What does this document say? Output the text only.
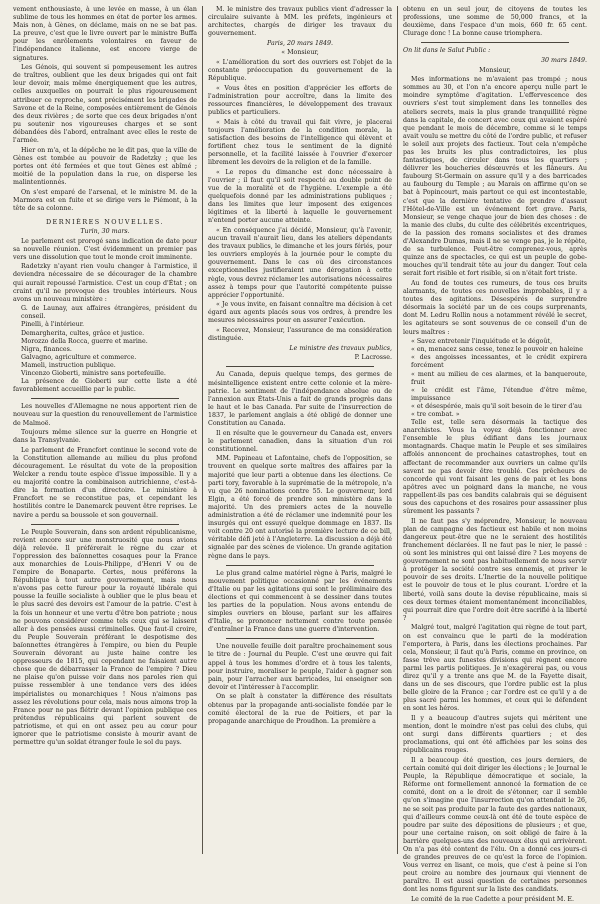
vement enthousiaste, à une levée en masse, à un élan sublime de tous les hommes en état de porter les armes. Mais non, à Gènes, on déclame, mais on ne se bat pas. La preuve, c'est que le livre ouvert par le ministre Buffa pour les enrôlements volontaires en faveur de l'indépendance italienne, est encore vierge de signatures.

Les Génois, qui souvent si pompeusement les autres de traîtres, oublient que les deux brigades qui ont fait leur devoir, mais même énergiquement que les autres, celles auxquelles on pourrait le plus rigoureusement attribuer ce reproche, sont précisément les brigades de Savone et de la Reine, composées entièrement de Génois des deux rivières ; de sorte que ces deux brigades n'ont pu soutenir nos vigoureuses charges et se sont débandées dès l'abord, entraînant avec elles le reste de l'armée.

Hier on m'a, et la dépêche ne le dit pas, que la ville de Gènes est tombée au pouvoir de Radetzky ; que les portes ont été fermées et que tout Gènes est abîmé ; moitié de la population dans la rue, on disperse les malintentionnés.

On s'est emparé de l'arsenal, et le ministre M. de la Marmora est en fuite et se dirige vers le Piémont, à la tête de sa colonne.

DERNIÈRES NOUVELLES.

Turin, 30 mars.

Le parlement est prorogé sans indication de date pour sa nouvelle réunion. C'est évidemment un premier pas vers une dissolution que tout le monde croit imminente.

Radetzky n'ayant rien voulu changer à l'armistice, il deviendra nécessaire de se décourager de la chambre qui aurait repoussé l'armistice. C'est un coup d'État ; on craint qu'il ne provoque des troubles intérieurs. Nous avons un nouveau ministère :

G. de Launay, aux affaires étrangères, président du conseil.

Pinelli, à l'intérieur.

Demargherita, cultes, grâce et justice.

Morozzo della Rocca, guerre et marine.

Nigra, finances.

Galvagno, agriculture et commerce.

Mameli, instruction publique.

Vincenzo Gioberti, ministre sans portefeuille.

La présence de Gioberti sur cette liste a été favorablement accueillie par le public.

Les nouvelles d'Allemagne ne nous apportent rien de nouveau sur la question du renouvellement de l'armistice de Malmoë.

Toujours même silence sur la guerre en Hongrie et dans la Transylvanie.

Le parlement de Francfort continue le second vote de la Constitution allemande au milieu du plus profond découragement. Le résultat du vote de la proposition Welcker a rendu toute espèce d'issue impossible. Il y a eu majorité contre la combinaison autrichienne, c'est-à-dire la formation d'un directoire. Le ministère à Francfort ne se reconstitue pas, et cependant les hostilités contre le Danemarck peuvent être reprises. Le navire a perdu sa boussole et son gouvernail.

Le Peuple Souverain, dans son ardent républicanisme, revient encore sur une monstruosité que nous avions déjà relevée. Il préférerait le règne du czar et l'oppression des baïonnettes cosaques pour la France aux monarchies de Louis-Philippe, d'Henri V ou de l'empire de Bonaparte. Certes, nous préférons la République à tout autre gouvernement, mais nous n'avons pas cette fureur pour la royauté libérale qui pousse la feuille socialiste à oublier que le plus beau et le plus sacré des devoirs est l'amour de la patrie. C'est à la fois un honneur et une vertu d'être bon patriote ; nous ne pouvons considérer comme tels ceux qui se laissent aller à des pensées aussi criminelles. Que faut-il croire, du Peuple Souverain préférant le despotisme des baïonnettes étrangères à l'empire, ou bien du Peuple Souverain dévorant au juste haine contre les oppresseurs de 1815, qui cependant ne faisaient autre chose que de débarrasser la France de l'empire ? Dieu ne plaise qu'on puisse voir dans nos paroles rien qui puisse ressembler à une tendance vers des idées impérialistes ou monarchiques ! Nous n'aimons pas assez les révolutions pour cela, mais nous aimons trop la France pour ne pas flétrir devant l'opinion publique ces prétendus républicains qui parlent souvent de patriotisme, et qui en ont assez peu au cœur pour ignorer que le patriotisme consiste à mourir avant de permettre qu'un soldat étranger foule le sol du pays.

M. le ministre des travaux publics vient d'adresser la circulaire suivante à MM. les préfets, ingénieurs et architectes, chargés de diriger les travaux du gouvernement.

Paris, 20 mars 1849.

« Monsieur,

« L'amélioration du sort des ouvriers est l'objet de la constante préoccupation du gouvernement de la République.

« Vous êtes en position d'apprécier les efforts de l'administration pour accroître, dans la limite des ressources financières, le développement des travaux publics et particuliers.

« Mais à côté du travail qui fait vivre, je placerai toujours l'amélioration de la condition morale, la satisfaction des besoins de l'intelligence qui élèvent et fortifient chez tous le sentiment de la dignité personnelle, et la facilité laissée à l'ouvrier d'exercer librement les devoirs de la religion et de la famille.

« Le repos du dimanche est donc nécessaire à l'ouvrier ; il faut qu'il soit respecté au double point de vue de la moralité et de l'hygiène. L'exemple a été quelquefois donné par les administrations publiques ; dans les limites que leur imposent des exigences légitimes et la liberté à laquelle le gouvernement n'entend porter aucune atteinte.

« En conséquence j'ai décidé, Monsieur, qu'à l'avenir, aucun travail n'aurait lieu, dans les ateliers dépendants des travaux publics, le dimanche et les jours fériés, pour les ouvriers employés à la journée pour le compte du gouvernement. Dans le cas où des circonstances exceptionnelles justifieraient une dérogation à cette règle, vous devrez réclamer les autorisations nécessaires assez à temps pour que l'autorité compétente puisse apprécier l'opportunité.

« Je vous invite, en faisant connaître ma décision à cet égard aux agents placés sous vos ordres, à prendre les mesures nécessaires pour en assurer l'exécution.

« Recevez, Monsieur, l'assurance de ma considération distinguée.

Le ministre des travaux publics,

P. Lacrosse.

Au Canada, depuis quelque temps, des germes de mésintelligence existent entre cette colonie et la mère-patrie. Le sentiment de l'indépendance absolue ou de l'annexion aux États-Unis a fait de grands progrès dans le haut et le bas Canada. Par suite de l'insurrection de 1837, le parlement anglais a été obligé de donner une Constitution au Canada.

Il en résulte que le gouverneur du Canada est, envers le parlement canadien, dans la situation d'un roi constitutionnel.

MM. Papineau et Lafontaine, chefs de l'opposition, se trouvent en quelque sorte maîtres des affaires par la majorité que leur parti a obtenue dans les élections. Ce parti tory, favorable à la suprématie de la métropole, n'a vu que 26 nominations contre 55. Le gouverneur, lord Elgin, a été forcé de prendre son ministère dans la majorité. Un des premiers actes de la nouvelle administration a été de réclamer une indemnité pour les insurgés qui ont essuyé quelque dommage en 1837. Ils voit contre 20 ont autorisé la première lecture de ce bill, véritable défi jeté à l'Angleterre. La discussion a déjà été signalée par des scènes de violence. Un grande agitation règne dans le pays.

Le plus grand calme matériel règne à Paris, malgré le mouvement politique occasionné par les événements d'Italie ou par les agitations qui sont le préliminaire des élections et qui commencent à se dessiner dans toutes les parties de la population. Nous avons entendu de simples ouvriers en blouse, parlant sur les affaires d'Italie, se prononcer nettement contre toute pensée d'entraîner la France dans une guerre d'intervention.

Une nouvelle feuille doit paraître prochainement sous le titre de : Journal du Peuple. C'est une œuvre qui fait appel à tous les hommes d'ordre et à tous les talents, pour instruire, moraliser le peuple, l'aider à gagner son pain, pour l'arracher aux barricades, lui enseigner son devoir et l'intéresser à l'accomplir.

On se plaît à constater la différence des résultats obtenus par la propagande anti-socialiste fondée par le comité électoral de la rue de Poitiers, et par la propagande anarchique de Proudhon. La première a

obtenu en un seul jour, de citoyens de toutes les professions, une somme de 50,000 francs, et la deuxième, dans l'espace d'un mois, 660 fr. 65 cent. Clurage donc ! La bonne cause triomphera.

On lit dans le Salut Public :

30 mars 1849.

Monsieur,

Mes informations ne m'avaient pas trompé ; nous sommes au 30, et l'on n'a encore aperçu nulle part le moindre symptôme d'agitation. L'effervescence des ouvriers s'est tout simplement dans les tonnelles des ateliers secrets, mais la plus grande tranquillité règne dans la capitale, de concert avec ceux qui avaient espéré que pendant le mois de décembre, comme si le temps avait voulu se mettre du côté de l'ordre public, et refuser le soleil aux projets des factieux. Tout cela n'empêche pas les bruits les plus contradictoires, les plus fantastiques, de circuler dans tous les quartiers ; délivrer les boucheries désœuvrés et les flâneurs. Au faubourg St-Germain on assure qu'il y a des barricades au faubourg du Temple ; au Marais on affirme qu'on se bat à Popincourt, mais partout ce qui est incontestable, c'est que la dernière tentative de prendre d'assaut l'Hôtel-de-Ville est un événement fort grave. Paris, Monsieur, se venge chaque jour de bien des choses : de la manie des clubs, du culte des célébrités excentriques, de la passion des romans socialistes et des drames d'Alexandre Dumas, mais il ne se venge pas, je le répète, de sa turbulence. Peut-être comprenez-vous, après quinze ans de spectacles, ce qui est un peuple de gobe-mouches qu'il tendrait tête au jour du danger. Tout cela serait fort risible et fort risible, si on n'était fort triste.

Au fond de toutes ces rumeurs, de tous ces bruits alarmants, de toutes ces nouvelles improbables, il y a toutes des agitations. Désespérés de surprendre désormais la société par un de ces coups surprenants, dont M. Ledru Rollin nous a notamment révélé le secret, les agitateurs se sont souvenus de ce conseil d'un de leurs maîtres :

« Savez entretenir l'inquiétude et le dégoût,

« en, menacez sans cesse, tenez le pouvoir en haleine

« des angoisses incessantes, et le crédit expirera forcément

« ment au milieu de ces alarmes, et la banqueroute, fruit

« le crédit est l'âme, l'étendue d'être même, impuissance

« et désespérée, mais qu'il soit besoin de le tirer d'au

« tre combat. »

Telle est, telle sera désormais la tactique des anarchistes. Vous la voyez déjà fonctionner avec l'ensemble le plus édifiant dans les journaux montagnards. Chaque matin le Peuple et ses similaires affolés annoncent de prochaines catastrophes, tout en affectant de recommander aux ouvriers un calme qu'ils savent ne pas devoir être troublé. Ces prêcheurs de concorde qui vont faisant les gens de paix et les bons apôtres avec un poignard dans la manche, ne vous rappellent-ils pas ces bandits calabrais qui se déguisent sous des capuchons et des rosaires pour assassiner plus sûrement les passants ?

Il ne faut pas s'y méprendre, Monsieur, le nouveau plan de campagne des factieux est habile et non moins dangereux peut-être que ne le seraient des hostilités franchement déclarées. Il ne faut pas le nier, le passé : où sont les ministres qui ont laissé dire ? Les moyens de gouvernement ne sont pas habituellement de nous servir à protéger la société contre ses ennemis, et priver le pouvoir de ses droits. L'Inertie de la nouvelle politique est le pouvoir de tous et le plus courant. L'ordre et la liberté, voilà sans doute la devise républicaine, mais si ces deux termes étaient momentanément inconciliables, qui pourrait dire que l'ordre doit être sacrifié à la liberté ?

Malgré tout, malgré l'agitation qui règne de tout part, on est convaincu que le parti de la modération l'emportera, à Paris, dans les élections prochaines. Par cela, Monsieur, il faut qu'à Paris, comme en province, on fasse trêve aux funestes divisions qui règnent encore parmi les partis politiques. Je n'exagérerai pas, ou vous direz qu'il y a trente ans que M. de la Fayette disait, dans un de ses discours, que l'ordre public est la plus belle gloire de la France ; car l'ordre est ce qu'il y a de plus sacré parmi les hommes, et ceux qui le défendent en sont les héros.

Il y a beaucoup d'autres sujets qui méritent une mention, dont le moindre n'est pas celui des clubs, qui ont surgi dans différents quartiers ; et des proclamations, qui ont été affichées par les soins des républicains rouges.

Il a beaucoup été question, ces jours derniers, de certain comité qui doit diriger les élections ; le Journal le Peuple, la République démocratique et sociale, la Réforme ont formellement annoncé la formation de ce comité, dont on a le droit de s'étonner, car il semble qu'on s'imagine que l'insurrection qu'on attendait le 26, ne se soit pas produite par la faute des gardes nationaux, qui d'ailleurs comme ceux-là ont été de toute espèce de poudre par suite des dépositions de plusieurs ; et que, pour une certaine raison, on soit obligé de faire à la barrière quelques-uns des nouveaux élus qui arrivèrent. On n'a pas été content de l'élu. On a donné ces jours-ci de grandes preuves de ce qu'est la force de l'opinion. Vous verrez en lisant, ce mois, que c'est à peine si l'on peut croire au nombre des journaux qui viennent de paraître. Il est aussi question de certaines personnes dont les noms figurent sur la liste des candidats.

Le comité de la rue Cadette a pour président M. E.
